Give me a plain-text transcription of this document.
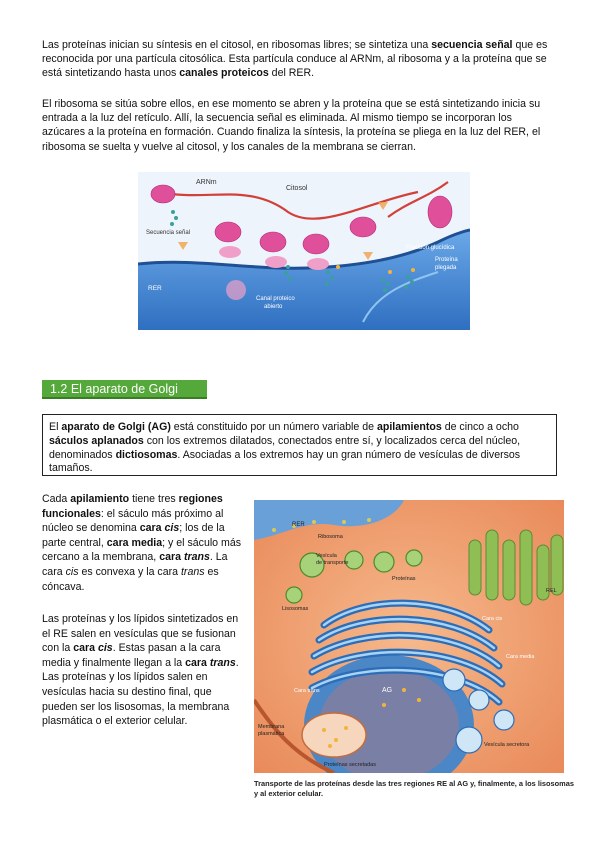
Las proteínas inician su síntesis en el citosol, en ribosomas libres; se sintetiza una secuencia señal que es reconocida por una partícula citosólica. Esta partícula conduce al ARNm, al ribosoma y a la proteína que se está sintetizando hasta unos canales proteicos del RER.

El ribosoma se sitúa sobre ellos, en ese momento se abren y la proteína que se está sintetizando inicia su entrada a la luz del retículo. Allí, la secuencia señal es eliminada. Al mismo tiempo se incorporan los azúcares a la proteína en formación. Cuando finaliza la síntesis, la proteína se pliega en la luz del RER, el ribosoma se suelta y vuelve al citosol, y los canales de la membrana se cierran.

ARNm
Citosol
Secuencia señal
Fracción glucídica
Proteína
plegada
RER
Canal proteico
abierto
1.2 El aparato de Golgi
El aparato de Golgi (AG) está constituido por un número variable de apilamientos de cinco a ocho sáculos aplanados con los extremos dilatados, conectados entre sí, y localizados cerca del núcleo, denominados dictiosomas. Asociadas a los extremos hay un gran número de vesículas de diversos tamaños.

Cada apilamiento tiene tres regiones funcionales: el sáculo más próximo al núcleo se denomina cara cis; los de la parte central, cara media; y el sáculo más cercano a la membrana, cara trans. La cara cis es convexa y la cara trans es cóncava.

Las proteínas y los lípidos sintetizados en el RE salen en vesículas que se fusionan con la cara cis. Estas pasan a la cara media y finalmente llegan a la cara trans. Las proteínas y los lípidos salen en vesículas hacia su destino final, que pueden ser los lisosomas, la membrana plasmática o el exterior celular.

RER
Ribosoma
Vesícula
de transporte
Proteínas
REL
Lisosomas
Cara cis
Cara media
Cara trans	AG
Membrana
plasmática
Vesícula secretora
Proteínas secretadas
Transporte de las proteínas desde las tres regiones RE al AG y, finalmente, a los lisosomas y al exterior celular.
